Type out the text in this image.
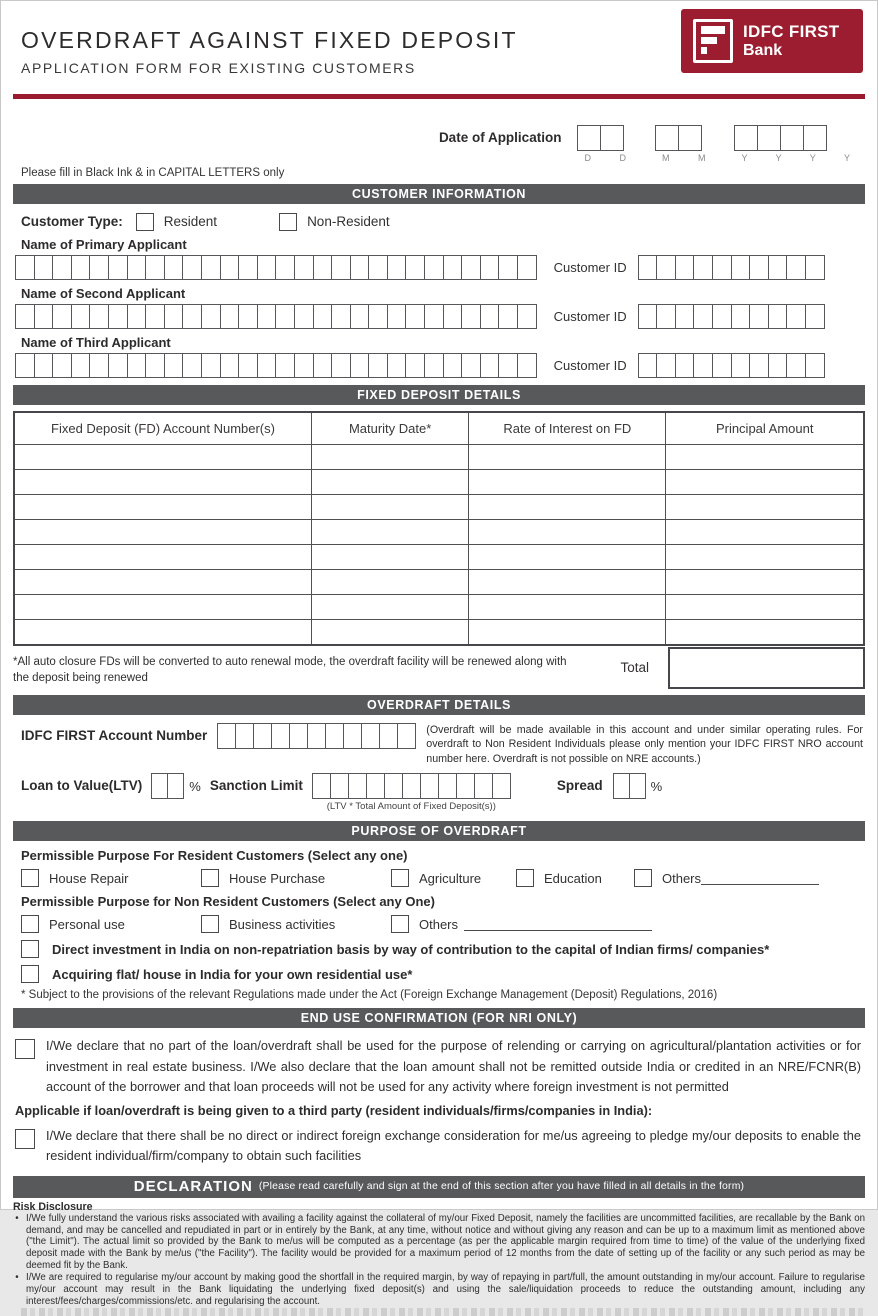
OVERDRAFT AGAINST FIXED DEPOSIT
APPLICATION FORM FOR EXISTING CUSTOMERS
IDFC FIRST
Bank
Date of Application
D D	M M	Y Y Y Y
Please fill in Black Ink & in CAPITAL LETTERS only
CUSTOMER INFORMATION
Customer Type:	Resident	Non-Resident
Name of Primary Applicant
Customer ID
Name of Second Applicant
Customer ID
Name of Third Applicant
Customer ID
FIXED DEPOSIT DETAILS
Fixed Deposit (FD) Account Number(s)	Maturity Date*	Rate of Interest on FD	Principal Amount

*All auto closure FDs will be converted to auto renewal mode, the overdraft facility will be renewed along with the deposit being renewed
Total
OVERDRAFT DETAILS
IDFC FIRST Account Number	(Overdraft will be made available in this account and under similar operating rules. For overdraft to Non Resident Individuals please only mention your IDFC FIRST NRO account number here. Overdraft is not possible on NRE accounts.)
Loan to Value(LTV)	% Sanction Limit
(LTV * Total Amount of Fixed Deposit(s))
Spread	%
PURPOSE OF OVERDRAFT
Permissible Purpose For Resident Customers (Select any one)
House Repair	House Purchase	Agriculture	Education	Others
Permissible Purpose for Non Resident Customers (Select any One)
Personal use	Business activities	Others
Direct investment in India on non-repatriation basis by way of contribution to the capital of Indian firms/ companies*
Acquiring flat/ house in India for your own residential use*
* Subject to the provisions of the relevant Regulations made under the Act (Foreign Exchange Management (Deposit) Regulations, 2016)
END USE CONFIRMATION (FOR NRI ONLY)
I/We declare that no part of the loan/overdraft shall be used for the purpose of relending or carrying on agricultural/plantation activities or for investment in real estate business. I/We also declare that the loan amount shall not be remitted outside India or credited in an NRE/FCNR(B) account of the borrower and that loan proceeds will not be used for any activity where foreign investment is not permitted
Applicable if loan/overdraft is being given to a third party (resident individuals/firms/companies in India):
I/We declare that there shall be no direct or indirect foreign exchange consideration for me/us agreeing to pledge my/our deposits to enable the resident individual/firm/company to obtain such facilities
DECLARATION (Please read carefully and sign at the end of this section after you have filled in all details in the form)
Risk Disclosure
• I/We fully understand the various risks associated with availing a facility against the collateral of my/our Fixed Deposit, namely the facilities are uncommitted facilities, are recallable by the Bank on demand, and may be cancelled and repudiated in part or in entirely by the Bank, at any time, without notice and without giving any reason and can be up to a maximum limit as mentioned above ("the Limit"). The actual limit so provided by the Bank to me/us will be computed as a percentage (as per the applicable margin required from time to time) of the value of the underlying fixed deposit made with the Bank by me/us ("the Facility"). The facility would be provided for a maximum period of 12 months from the date of setting up of the facility or any such period as may be deemed fit by the Bank.
• I/We are required to regularise my/our account by making good the shortfall in the required margin, by way of repaying in part/full, the amount outstanding in my/our account. Failure to regularise my/our account may result in the Bank liquidating the underlying fixed deposit(s) and using the sale/liquidation proceeds to reduce the outstanding amount, including any interest/fees/charges/commissions/etc. and regularising the account.
